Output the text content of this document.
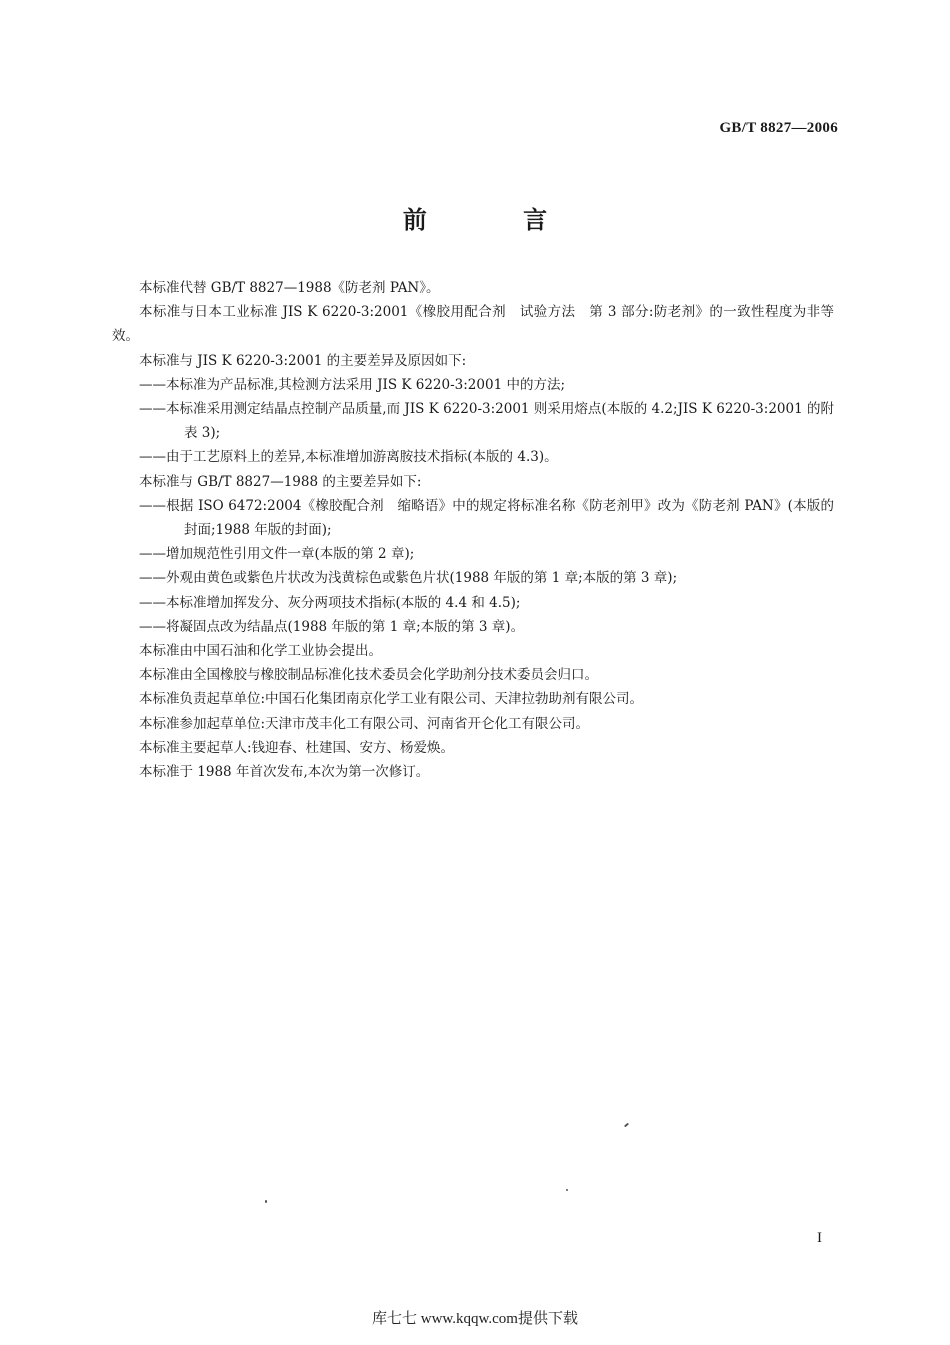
GB/T 8827—2006
前 言

本标准代替 GB/T 8827—1988《防老剂 PAN》。

本标准与日本工业标准 JIS K 6220-3:2001《橡胶用配合剂　试验方法　第 3 部分:防老剂》的一致性程度为非等效。

本标准与 JIS K 6220-3:2001 的主要差异及原因如下:

——本标准为产品标准,其检测方法采用 JIS K 6220-3:2001 中的方法;

——本标准采用测定结晶点控制产品质量,而 JIS K 6220-3:2001 则采用熔点(本版的 4.2;JIS K 6220-3:2001 的附表 3);

——由于工艺原料上的差异,本标准增加游离胺技术指标(本版的 4.3)。

本标准与 GB/T 8827—1988 的主要差异如下:

——根据 ISO 6472:2004《橡胶配合剂　缩略语》中的规定将标准名称《防老剂甲》改为《防老剂 PAN》(本版的封面;1988 年版的封面);

——增加规范性引用文件一章(本版的第 2 章);

——外观由黄色或紫色片状改为浅黄棕色或紫色片状(1988 年版的第 1 章;本版的第 3 章);

——本标准增加挥发分、灰分两项技术指标(本版的 4.4 和 4.5);

——将凝固点改为结晶点(1988 年版的第 1 章;本版的第 3 章)。

本标准由中国石油和化学工业协会提出。

本标准由全国橡胶与橡胶制品标准化技术委员会化学助剂分技术委员会归口。

本标准负责起草单位:中国石化集团南京化学工业有限公司、天津拉勃助剂有限公司。

本标准参加起草单位:天津市茂丰化工有限公司、河南省开仑化工有限公司。

本标准主要起草人:钱迎春、杜建国、安方、杨爱焕。

本标准于 1988 年首次发布,本次为第一次修订。

I
库七七 www.kqqw.com提供下载
